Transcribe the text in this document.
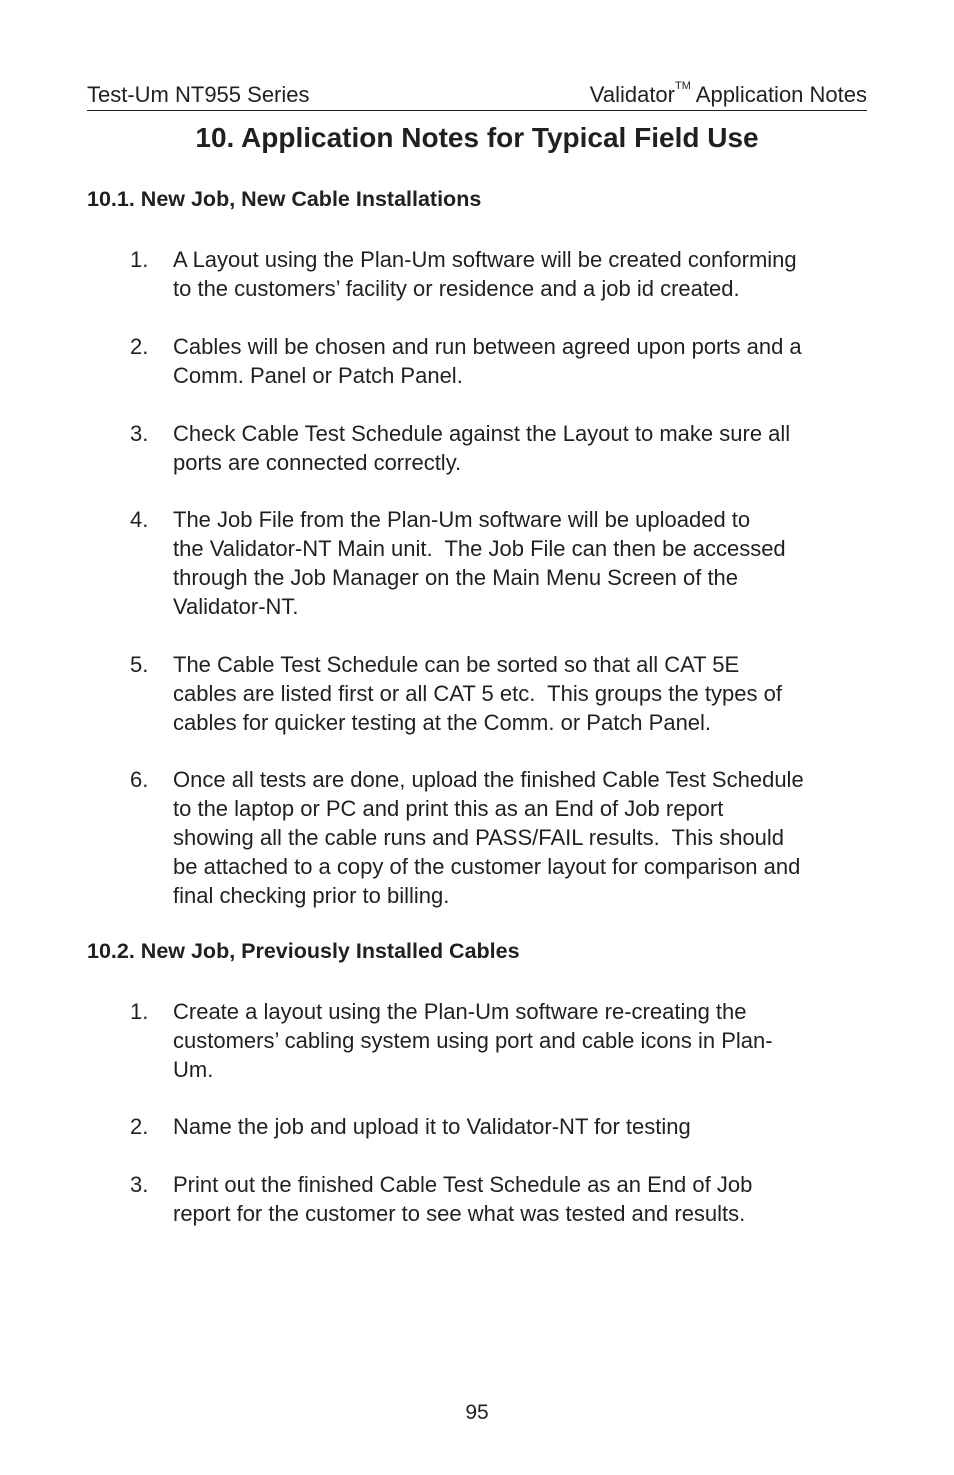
Test-Um NT955 Series	Validator™ Application Notes
10. Application Notes for Typical Field Use
10.1. New Job, New Cable Installations
1. A Layout using the Plan-Um software will be created conforming
to the customers’ facility or residence and a job id created.
2. Cables will be chosen and run between agreed upon ports and a
Comm. Panel or Patch Panel.
3. Check Cable Test Schedule against the Layout to make sure all
ports are connected correctly.
4. The Job File from the Plan-Um software will be uploaded to
the Validator-NT Main unit.  The Job File can then be accessed
through the Job Manager on the Main Menu Screen of the
Validator-NT.
5. The Cable Test Schedule can be sorted so that all CAT 5E
cables are listed first or all CAT 5 etc.  This groups the types of
cables for quicker testing at the Comm. or Patch Panel.
6. Once all tests are done, upload the finished Cable Test Schedule
to the laptop or PC and print this as an End of Job report
showing all the cable runs and PASS/FAIL results.  This should
be attached to a copy of the customer layout for comparison and
final checking prior to billing.
10.2. New Job, Previously Installed Cables
1. Create a layout using the Plan-Um software re-creating the
customers’ cabling system using port and cable icons in Plan-
Um.
2. Name the job and upload it to Validator-NT for testing
3. Print out the finished Cable Test Schedule as an End of Job
report for the customer to see what was tested and results.
95
